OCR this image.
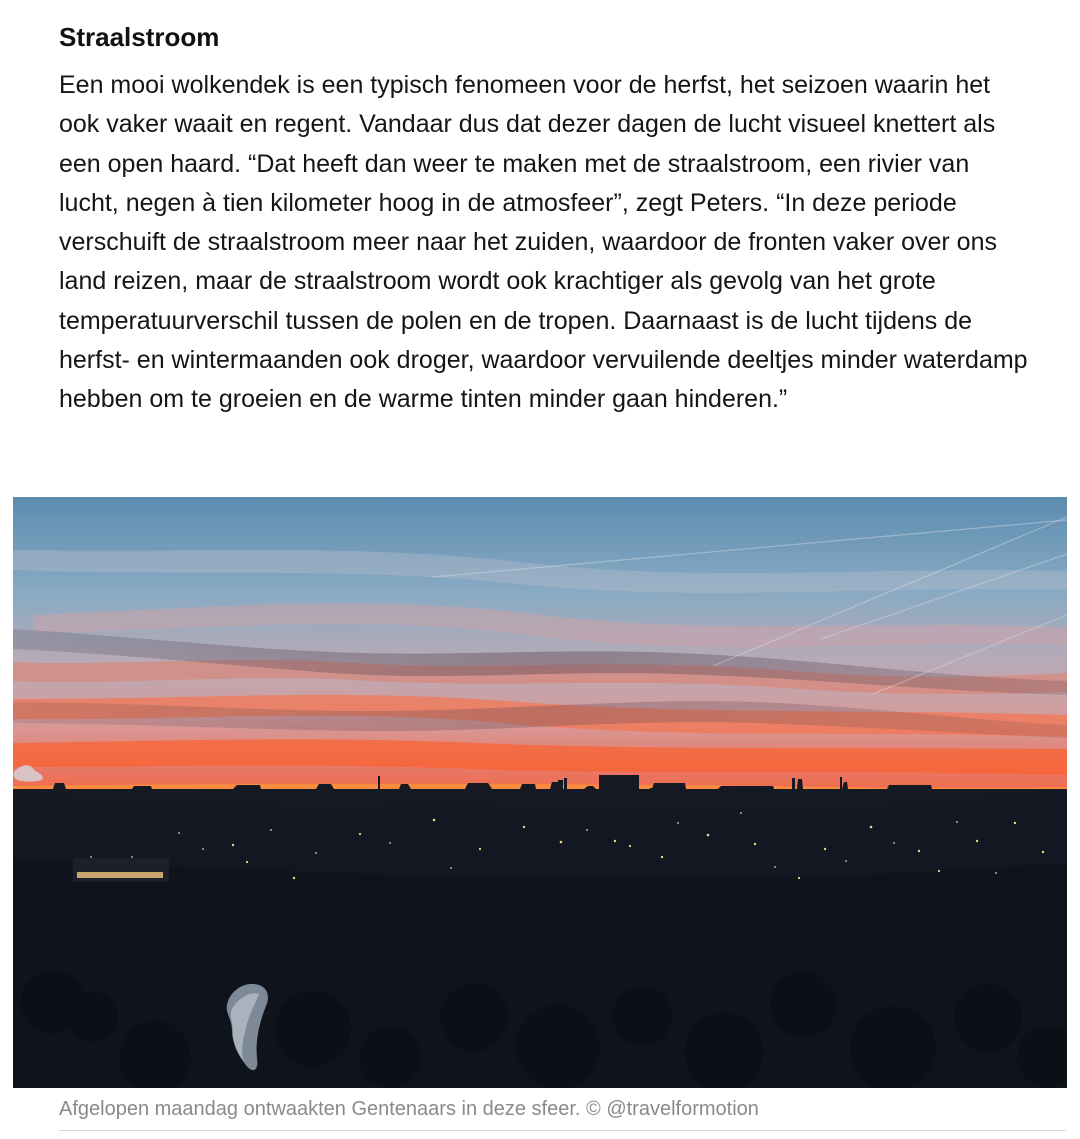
Straalstroom

Een mooi wolkendek is een typisch fenomeen voor de herfst, het seizoen waarin het ook vaker waait en regent. Vandaar dus dat dezer dagen de lucht visueel knettert als een open haard. “Dat heeft dan weer te maken met de straalstroom, een rivier van lucht, negen à tien kilometer hoog in de atmosfeer”, zegt Peters. “In deze periode verschuift de straalstroom meer naar het zuiden, waardoor de fronten vaker over ons land reizen, maar de straalstroom wordt ook krachtiger als gevolg van het grote temperatuurverschil tussen de polen en de tropen. Daarnaast is de lucht tijdens de herfst- en wintermaanden ook droger, waardoor vervuilende deeltjes minder waterdamp hebben om te groeien en de warme tinten minder gaan hinderen.”

Afgelopen maandag ontwaakten Gentenaars in deze sfeer. © @travelformotion
